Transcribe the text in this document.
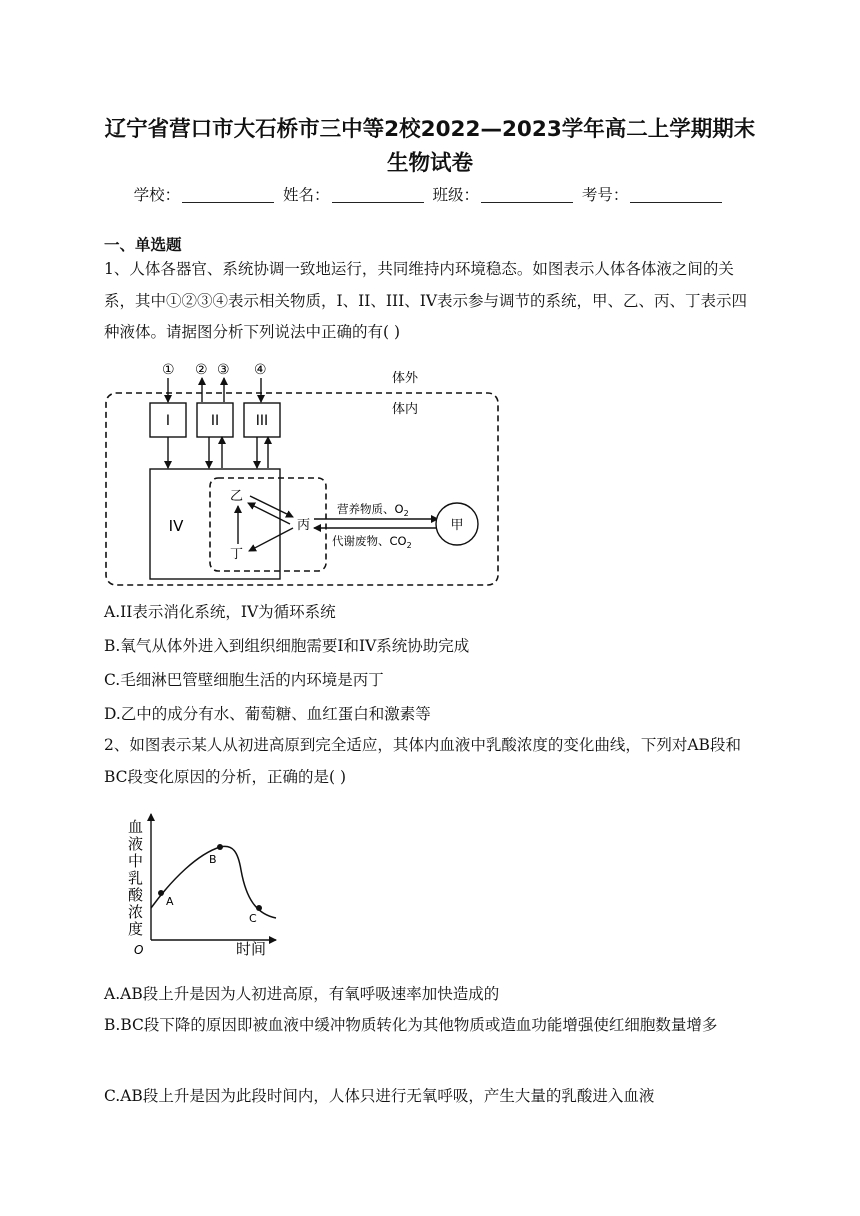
辽宁省营口市大石桥市三中等2校2022—2023学年高二上学期期末
生物试卷
学校：	姓名：	班级：	考号：
一、单选题
1、人体各器官、系统协调一致地运行，共同维持内环境稳态。如图表示人体各体液之间的关系，其中①②③④表示相关物质，I、II、III、IV表示参与调节的系统，甲、乙、丙、丁表示四种液体。请据图分析下列说法中正确的有( )
体外
体内
① ② ③ ④
I	II	III
IV
乙
丙
丁
营养物质、$O_2$
代谢废物、$CO_2$
甲
A.II表示消化系统，IV为循环系统
B.氧气从体外进入到组织细胞需要I和IV系统协助完成
C.毛细淋巴管壁细胞生活的内环境是丙丁
D.乙中的成分有水、葡萄糖、血红蛋白和激素等
2、如图表示某人从初进高原到完全适应，其体内血液中乳酸浓度的变化曲线，下列对AB段和BC段变化原因的分析，正确的是( )
血
液
中
乳
酸
浓
度
O	时间
A
B
C
A.AB段上升是因为人初进高原，有氧呼吸速率加快造成的
B.BC段下降的原因即被血液中缓冲物质转化为其他物质或造血功能增强使红细胞数量增多
C.AB段上升是因为此段时间内，人体只进行无氧呼吸，产生大量的乳酸进入血液
